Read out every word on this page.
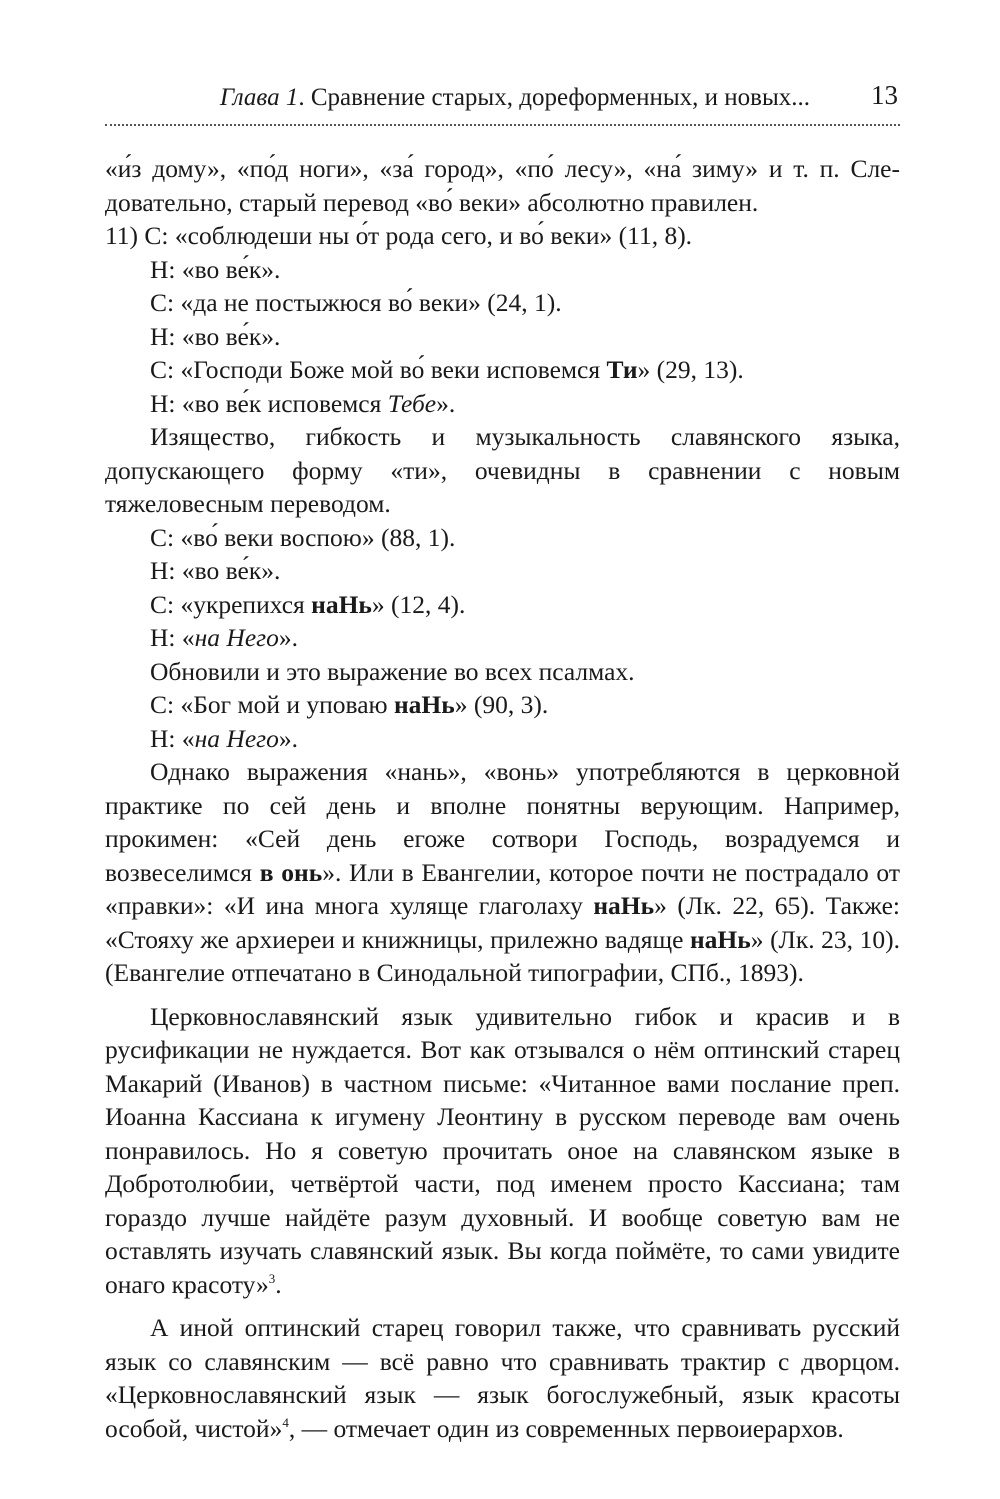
Глава 1. Сравнение старых, дореформенных, и новых... 13

«и́з дому», «по́д ноги», «за́ город», «по́ лесу», «на́ зиму» и т. п. Сле-

довательно, старый перевод «во́ веки» абсолютно правилен.

11) С: «соблюдеши ны о́т рода сего, и во́ веки» (11, 8).

Н: «во ве́к».

С: «да не постыжюся во́ веки» (24, 1).

Н: «во ве́к».

С: «Господи Боже мой во́ веки исповемся Ти» (29, 13).

Н: «во ве́к исповемся Тебе».

Изящество, гибкость и музыкальность славянского языка, допускающего форму «ти», очевидны в сравнении с новым тяжеловесным переводом.

С: «во́ веки воспою» (88, 1).

Н: «во ве́к».

С: «укрепихся наНь» (12, 4).

Н: «на Него».

Обновили и это выражение во всех псалмах.

С: «Бог мой и уповаю наНь» (90, 3).

Н: «на Него».

Однако выражения «нань», «вонь» употребляются в церковной практике по сей день и вполне понятны верующим. Например, прокимен: «Сей день егоже сотвори Господь, возрадуемся и возвеселимся в онь». Или в Евангелии, которое почти не пострадало от «правки»: «И ина многа хуляще глаголаху наНь» (Лк. 22, 65). Также: «Стояху же архиереи и книжницы, прилежно вадяще наНь» (Лк. 23, 10). (Евангелие отпечатано в Синодальной типографии, СПб., 1893).

Церковнославянский язык удивительно гибок и красив и в русификации не нуждается. Вот как отзывался о нём оптинский старец Макарий (Иванов) в частном письме: «Читанное вами послание преп. Иоанна Кассиана к игумену Леонтину в русском переводе вам очень понравилось. Но я советую прочитать оное на славянском языке в Добротолюбии, четвёртой части, под именем просто Кассиана; там гораздо лучше найдёте разум духовный. И вообще советую вам не оставлять изучать славянский язык. Вы когда поймёте, то сами увидите онаго красоту»$^3$.

А иной оптинский старец говорил также, что сравнивать русский язык со славянским — всё равно что сравнивать трактир с дворцом. «Церковнославянский язык — язык богослужебный, язык красоты особой, чистой»$^4$, — отмечает один из современных первоиерархов.
